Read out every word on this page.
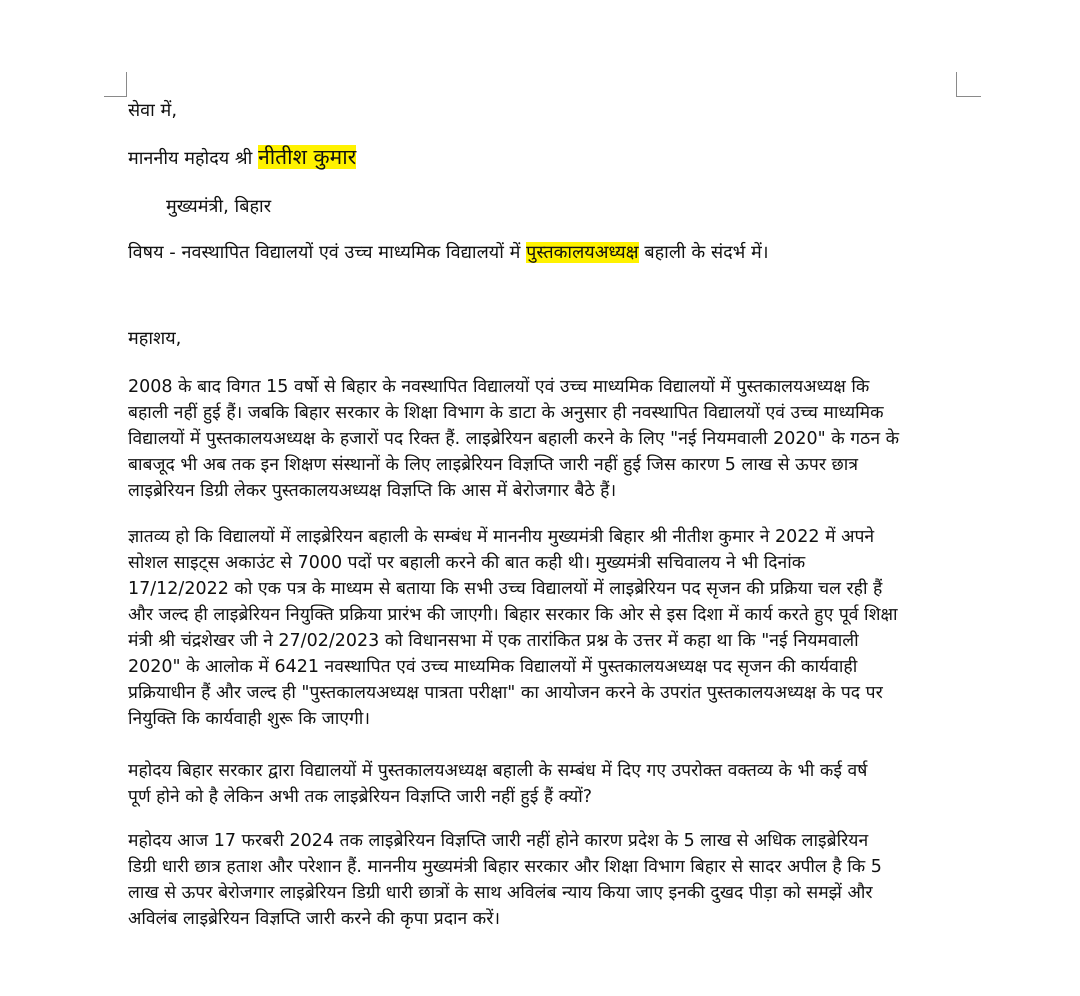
सेवा में,

माननीय महोदय श्री नीतीश कुमार

मुख्यमंत्री, बिहार

विषय - नवस्थापित विद्यालयों एवं उच्च माध्यमिक विद्यालयों में पुस्तकालयअध्यक्ष बहाली के संदर्भ में।

महाशय,

2008 के बाद विगत 15 वर्षो से बिहार के नवस्थापित विद्यालयों एवं उच्च माध्यमिक विद्यालयों में पुस्तकालयअध्यक्ष कि
बहाली नहीं हुई हैं। जबकि बिहार सरकार के शिक्षा विभाग के डाटा के अनुसार ही नवस्थापित विद्यालयों एवं उच्च माध्यमिक
विद्यालयों में पुस्तकालयअध्यक्ष के हजारों पद रिक्त हैं. लाइब्रेरियन बहाली करने के लिए "नई नियमवाली 2020" के गठन के
बाबजूद भी अब तक इन शिक्षण संस्थानों के लिए लाइब्रेरियन विज्ञप्ति जारी नहीं हुई जिस कारण 5 लाख से ऊपर छात्र
लाइब्रेरियन डिग्री लेकर पुस्तकालयअध्यक्ष विज्ञप्ति कि आस में बेरोजगार बैठे हैं।
ज्ञातव्य हो कि विद्यालयों में लाइब्रेरियन बहाली के सम्बंध में माननीय मुख्यमंत्री बिहार श्री नीतीश कुमार ने 2022 में अपने
सोशल साइट्स अकाउंट से 7000 पदों पर बहाली करने की बात कही थी। मुख्यमंत्री सचिवालय ने भी दिनांक
17/12/2022 को एक पत्र के माध्यम से बताया कि सभी उच्च विद्यालयों में लाइब्रेरियन पद सृजन की प्रक्रिया चल रही हैं
और जल्द ही लाइब्रेरियन नियुक्ति प्रक्रिया प्रारंभ की जाएगी। बिहार सरकार कि ओर से इस दिशा में कार्य करते हुए पूर्व शिक्षा
मंत्री श्री चंद्रशेखर जी ने 27/02/2023 को विधानसभा में एक तारांकित प्रश्न के उत्तर में कहा था कि "नई नियमवाली
2020" के आलोक में 6421 नवस्थापित एवं उच्च माध्यमिक विद्यालयों में पुस्तकालयअध्यक्ष पद सृजन की कार्यवाही
प्रक्रियाधीन हैं और जल्द ही "पुस्तकालयअध्यक्ष पात्रता परीक्षा" का आयोजन करने के उपरांत पुस्तकालयअध्यक्ष के पद पर
नियुक्ति कि कार्यवाही शुरू कि जाएगी।
महोदय बिहार सरकार द्वारा विद्यालयों में पुस्तकालयअध्यक्ष बहाली के सम्बंध में दिए गए उपरोक्त वक्तव्य के भी कई वर्ष
पूर्ण होने को है लेकिन अभी तक लाइब्रेरियन विज्ञप्ति जारी नहीं हुई हैं क्यों?
महोदय आज 17 फरबरी 2024 तक लाइब्रेरियन विज्ञप्ति जारी नहीं होने कारण प्रदेश के 5 लाख से अधिक लाइब्रेरियन
डिग्री धारी छात्र हताश और परेशान हैं. माननीय मुख्यमंत्री बिहार सरकार और शिक्षा विभाग बिहार से सादर अपील है कि 5
लाख से ऊपर बेरोजगार लाइब्रेरियन डिग्री धारी छात्रों के साथ अविलंब न्याय किया जाए इनकी दुखद पीड़ा को समझें और
अविलंब लाइब्रेरियन विज्ञप्ति जारी करने की कृपा प्रदान करें।
